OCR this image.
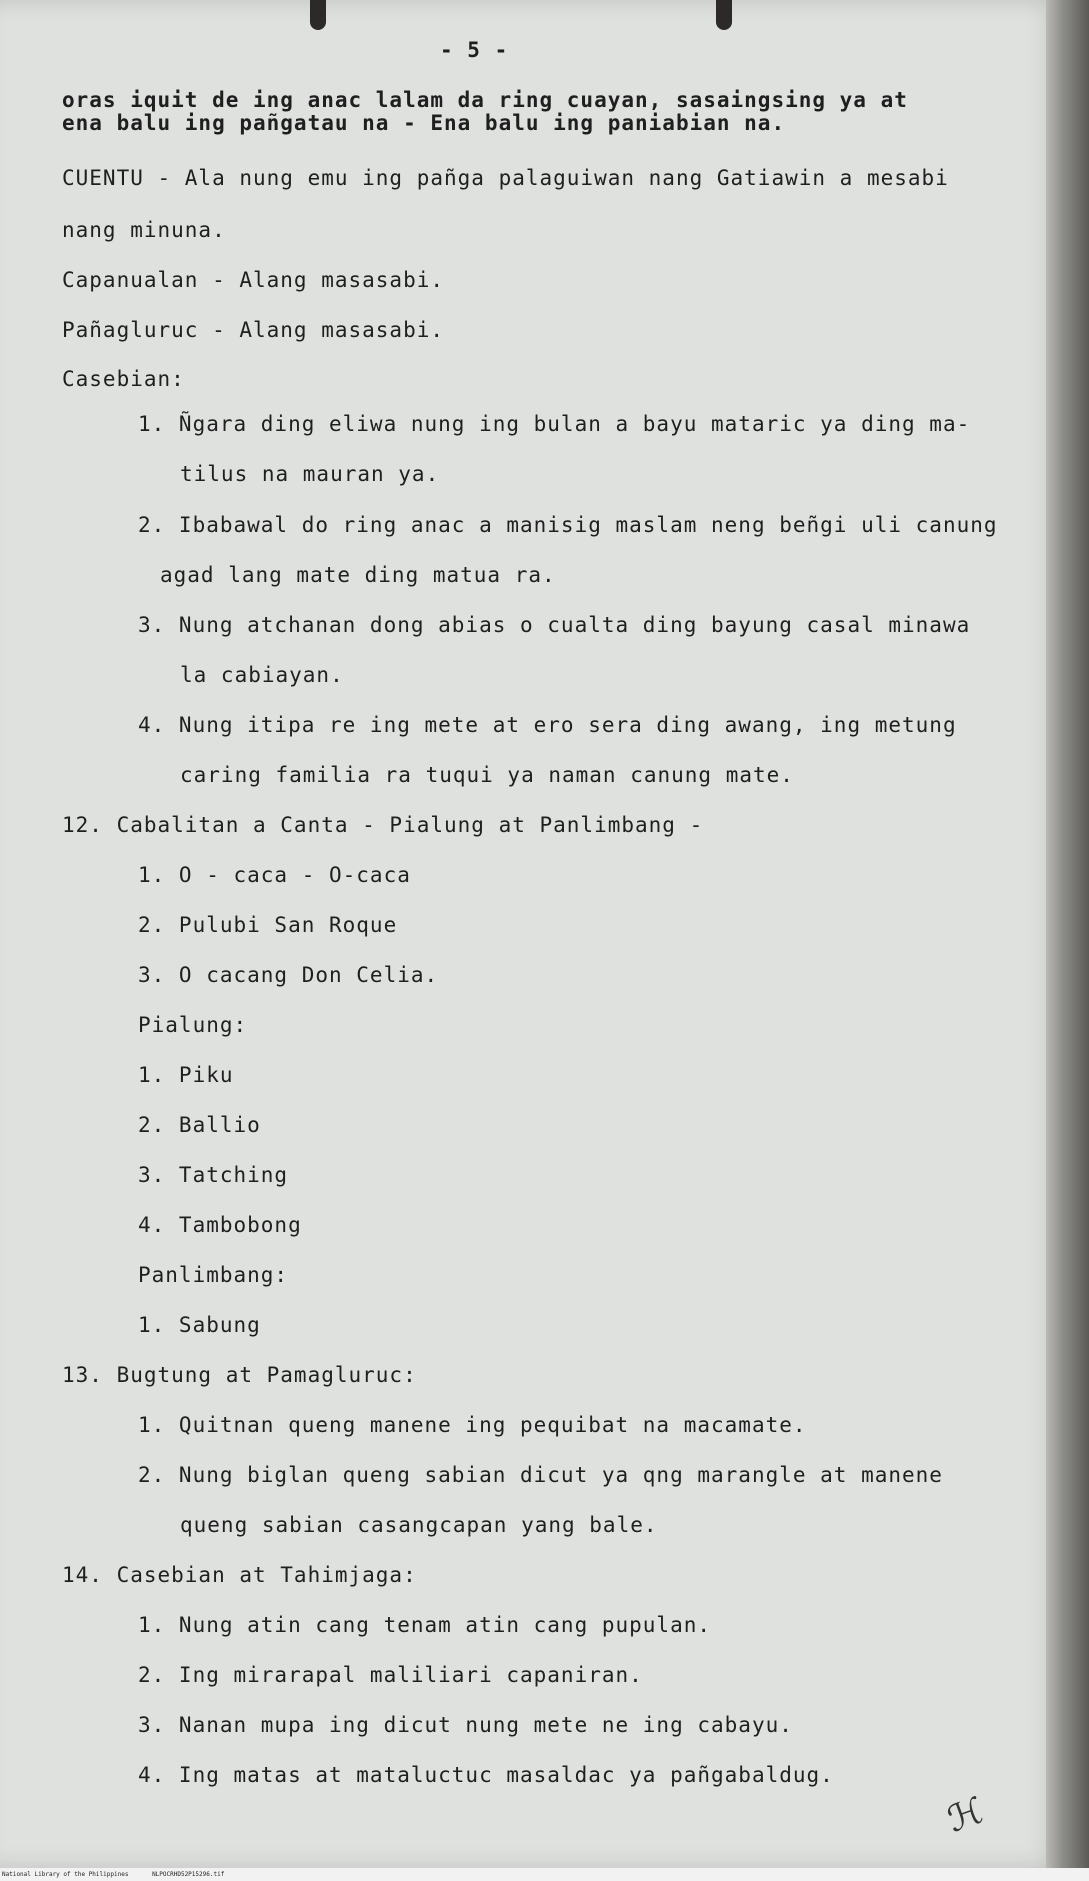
- 5 -

oras iquit de ing anac lalam da ring cuayan, sasaingsing ya at

ena balu ing pañgatau na - Ena balu ing paniabian na.

CUENTU - Ala nung emu ing pañga palaguiwan nang Gatiawin a mesabi

nang minuna.

Capanualan - Alang masasabi.

Pañagluruc - Alang masasabi.

Casebian:

1. Ñgara ding eliwa nung ing bulan a bayu mataric ya ding ma-

tilus na mauran ya.

2. Ibabawal do ring anac a manisig maslam neng beñgi uli canung

agad lang mate ding matua ra.

3. Nung atchanan dong abias o cualta ding bayung casal minawa

la cabiayan.

4. Nung itipa re ing mete at ero sera ding awang, ing metung

caring familia ra tuqui ya naman canung mate.

12. Cabalitan a Canta - Pialung at Panlimbang -

1. O - caca - O-caca

2. Pulubi San Roque

3. O cacang Don Celia.

Pialung:

1. Piku

2. Ballio

3. Tatching

4. Tambobong

Panlimbang:

1. Sabung

13. Bugtung at Pamagluruc:

1. Quitnan queng manene ing pequibat na macamate.

2. Nung biglan queng sabian dicut ya qng marangle at manene

queng sabian casangcapan yang bale.

14. Casebian at Tahimjaga:

1. Nung atin cang tenam atin cang pupulan.

2. Ing mirarapal maliliari capaniran.

3. Nanan mupa ing dicut nung mete ne ing cabayu.

4. Ing matas at mataluctuc masaldac ya pañgabaldug.

ℋ
National Library of the Philippines	NLPOCRHD52P15296.tif
